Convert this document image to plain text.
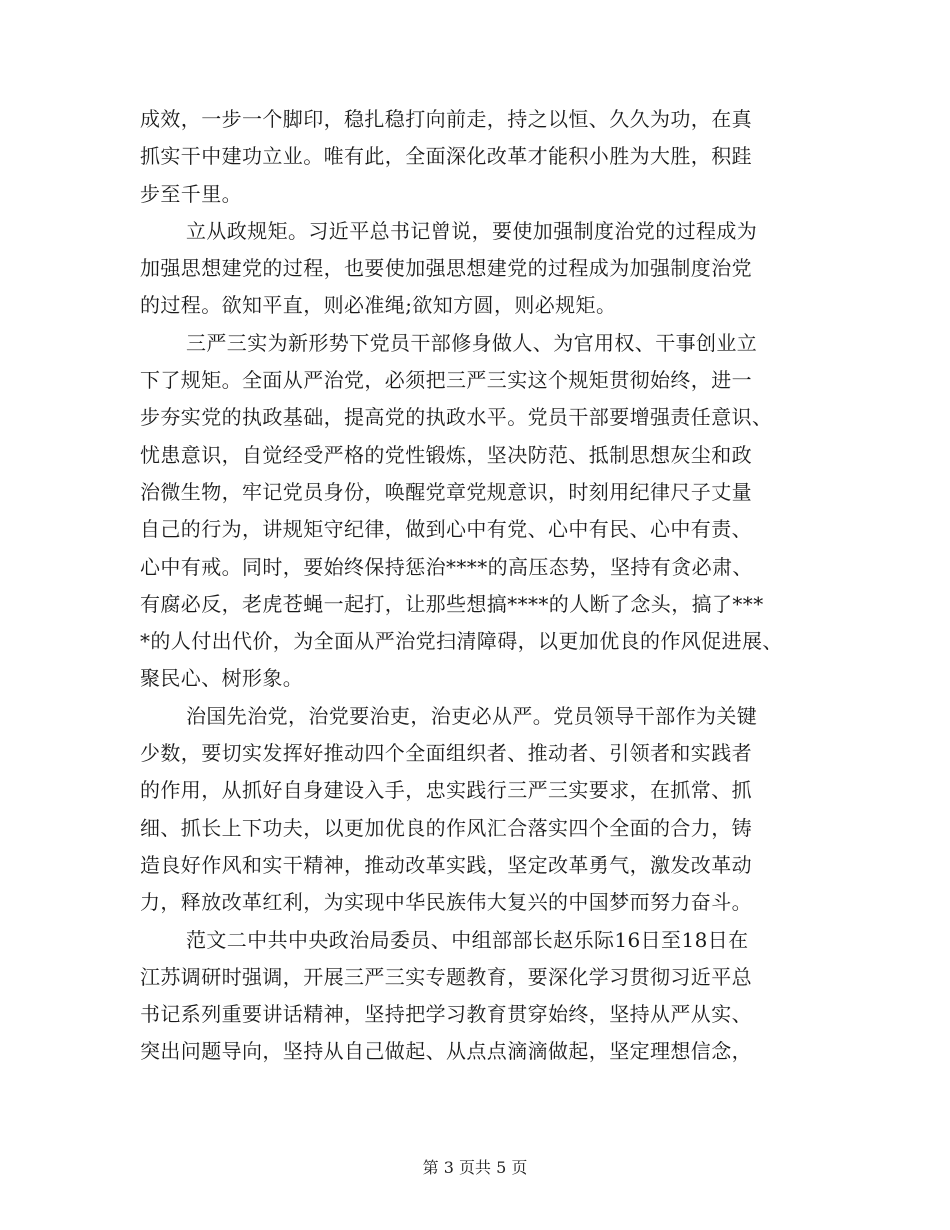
成效，一步一个脚印，稳扎稳打向前走，持之以恒、久久为功，在真
抓实干中建功立业。唯有此，全面深化改革才能积小胜为大胜，积跬
步至千里。
立从政规矩。习近平总书记曾说，要使加强制度治党的过程成为
加强思想建党的过程，也要使加强思想建党的过程成为加强制度治党
的过程。欲知平直，则必准绳;欲知方圆，则必规矩。
三严三实为新形势下党员干部修身做人、为官用权、干事创业立
下了规矩。全面从严治党，必须把三严三实这个规矩贯彻始终，进一
步夯实党的执政基础，提高党的执政水平。党员干部要增强责任意识、
忧患意识，自觉经受严格的党性锻炼，坚决防范、抵制思想灰尘和政
治微生物，牢记党员身份，唤醒党章党规意识，时刻用纪律尺子丈量
自己的行为，讲规矩守纪律，做到心中有党、心中有民、心中有责、
心中有戒。同时，要始终保持惩治****的高压态势，坚持有贪必肃、
有腐必反，老虎苍蝇一起打，让那些想搞****的人断了念头，搞了***
*的人付出代价，为全面从严治党扫清障碍，以更加优良的作风促进展、
聚民心、树形象。
治国先治党，治党要治吏，治吏必从严。党员领导干部作为关键
少数，要切实发挥好推动四个全面组织者、推动者、引领者和实践者
的作用，从抓好自身建设入手，忠实践行三严三实要求，在抓常、抓
细、抓长上下功夫，以更加优良的作风汇合落实四个全面的合力，铸
造良好作风和实干精神，推动改革实践，坚定改革勇气，激发改革动
力，释放改革红利，为实现中华民族伟大复兴的中国梦而努力奋斗。
范文二中共中央政治局委员、中组部部长赵乐际16日至18日在
江苏调研时强调，开展三严三实专题教育，要深化学习贯彻习近平总
书记系列重要讲话精神，坚持把学习教育贯穿始终，坚持从严从实、
突出问题导向，坚持从自己做起、从点点滴滴做起，坚定理想信念，
第 3 页共 5 页
